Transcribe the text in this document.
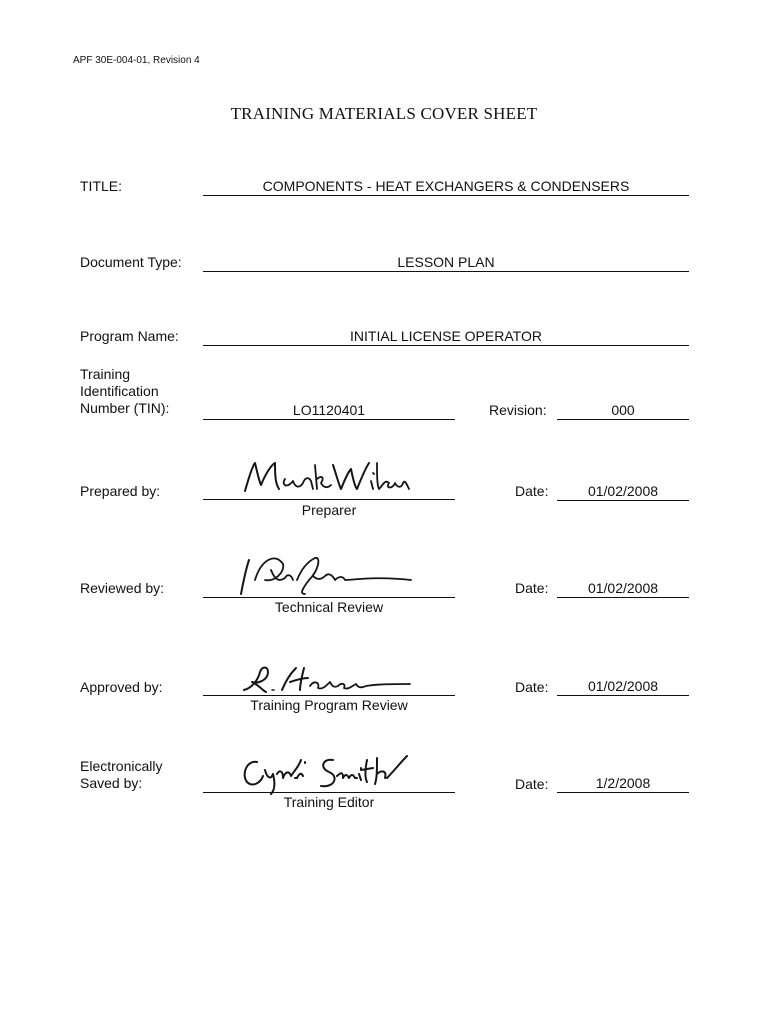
APF 30E-004-01, Revision 4
TRAINING MATERIALS COVER SHEET
TITLE:	COMPONENTS - HEAT EXCHANGERS & CONDENSERS
Document Type:	LESSON PLAN
Program Name:	INITIAL LICENSE OPERATOR
Training
Identification
Number (TIN):	LO1120401	Revision:	000
Prepared by:
Preparer
Date:	01/02/2008
Reviewed by:
Technical Review
Date:	01/02/2008
Approved by:
Training Program Review
Date:	01/02/2008
Electronically
Saved by:
Training Editor
Date:	1/2/2008
